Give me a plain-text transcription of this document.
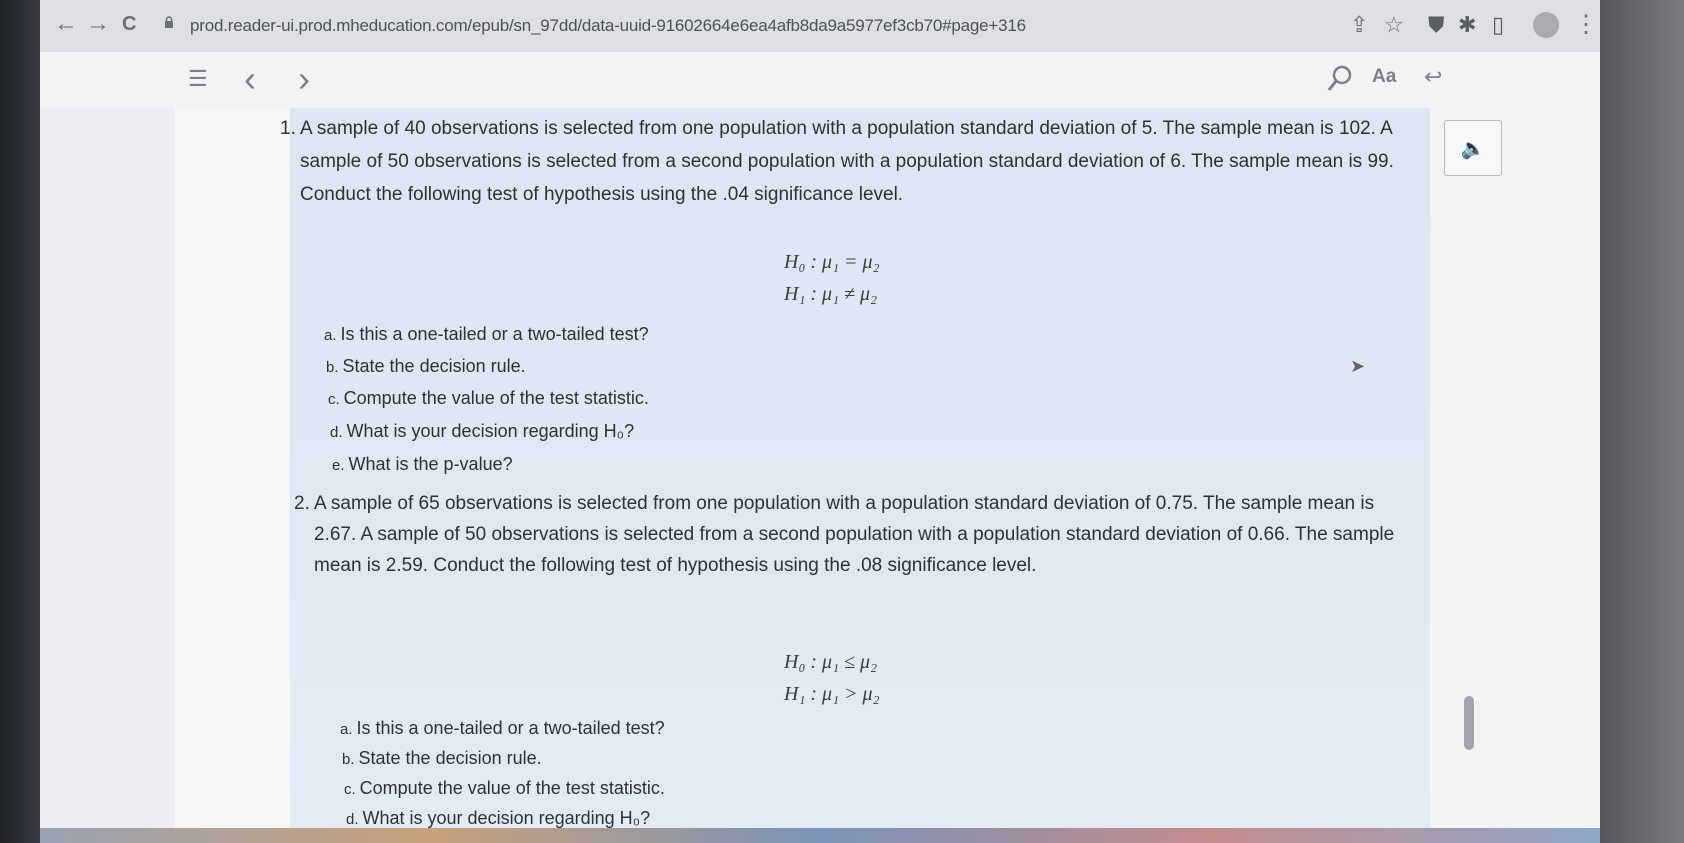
← → C	prod.reader-ui.prod.mheducation.com/epub/sn_97dd/data-uuid-91602664e6ea4afb8da9a5977ef3cb70#page+316	⇪ ☆ ⛊ ✱ ▯	⋮
☰ ‹ ›	Aa ↩
🔈
➤
1. A sample of 40 observations is selected from one population with a population standard deviation of 5. The sample mean is 102. A sample of 50 observations is selected from a second population with a population standard deviation of 6. The sample mean is 99. Conduct the following test of hypothesis using the .04 significance level.
H₀ : μ₁ = μ₂
H₁ : μ₁ ≠ μ₂
a. Is this a one-tailed or a two-tailed test?
b. State the decision rule.
c. Compute the value of the test statistic.
d. What is your decision regarding H₀?
e. What is the p-value?
2. A sample of 65 observations is selected from one population with a population standard deviation of 0.75. The sample mean is 2.67. A sample of 50 observations is selected from a second population with a population standard deviation of 0.66. The sample mean is 2.59. Conduct the following test of hypothesis using the .08 significance level.
H₀ : μ₁ ≤ μ₂
H₁ : μ₁ > μ₂
a. Is this a one-tailed or a two-tailed test?
b. State the decision rule.
c. Compute the value of the test statistic.
d. What is your decision regarding H₀?
